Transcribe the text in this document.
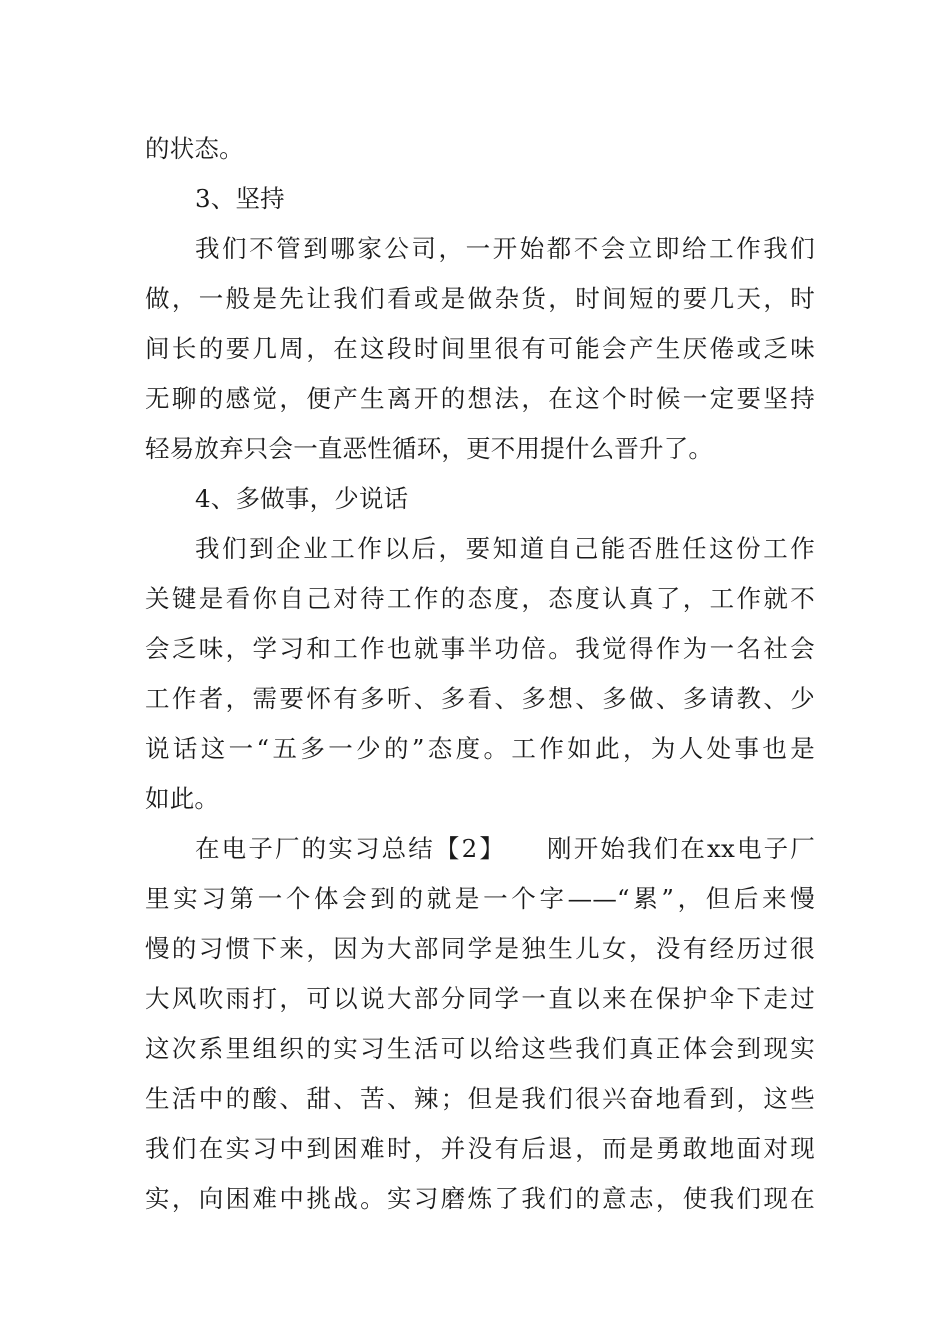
的状态。
3、坚持
我们不管到哪家公司，一开始都不会立即给工作我们
做，一般是先让我们看或是做杂货，时间短的要几天，时
间长的要几周，在这段时间里很有可能会产生厌倦或乏味
无聊的感觉，便产生离开的想法，在这个时候一定要坚持
轻易放弃只会一直恶性循环，更不用提什么晋升了。
4、多做事，少说话
我们到企业工作以后，要知道自己能否胜任这份工作
关键是看你自己对待工作的态度，态度认真了，工作就不
会乏味，学习和工作也就事半功倍。我觉得作为一名社会
工作者，需要怀有多听、多看、多想、多做、多请教、少
说话这一“五多一少的”态度。工作如此，为人处事也是
如此。
在电子厂的实习总结【2】　　刚开始我们在xx电子厂
里实习第一个体会到的就是一个字——“累”，但后来慢
慢的习惯下来，因为大部同学是独生儿女，没有经历过很
大风吹雨打，可以说大部分同学一直以来在保护伞下走过
这次系里组织的实习生活可以给这些我们真正体会到现实
生活中的酸、甜、苦、辣；但是我们很兴奋地看到，这些
我们在实习中到困难时，并没有后退，而是勇敢地面对现
实，向困难中挑战。实习磨炼了我们的意志，使我们现在
